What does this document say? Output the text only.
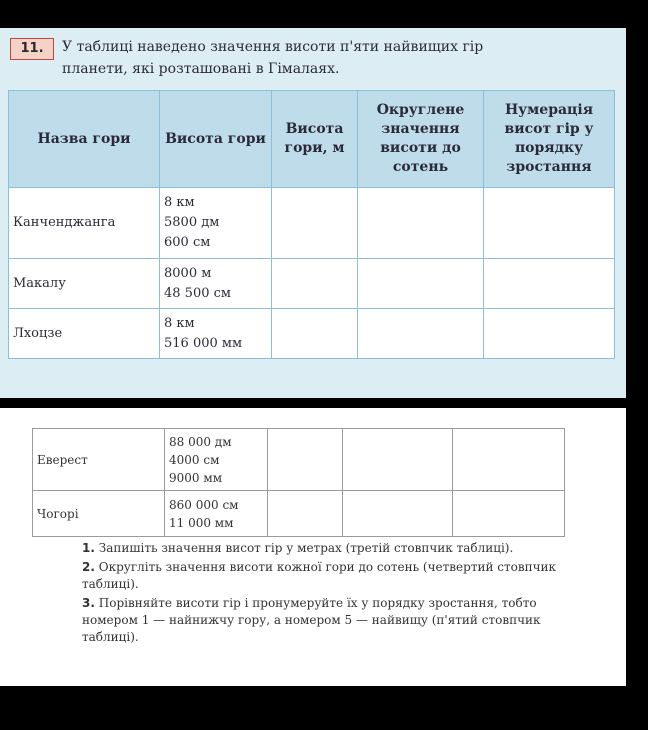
11.	У таблиці наведено значення висоти п'яти найвищих гір
планети, які розташовані в Гімалаях.
Назва гори	Висота гори	Висота гори, м	Округлене значення висоти до сотень	Нумерація висот гір у порядку зростання
Канченджанга	8 км
5800 дм
600 см			

Макалу	8000 м
48 500 см			

Лхоцзе	8 км
516 000 мм			

Еверест	88 000 дм
4000 см
9000 мм			

Чогорі	860 000 см
11 000 мм			

1. Запишіть значення висот гір у метрах (третій стовпчик таблиці).
2. Округліть значення висоти кожної гори до сотень (четвертий стовпчик таблиці).
3. Порівняйте висоти гір і пронумеруйте їх у порядку зростання, тобто номером 1 — найнижчу гору, а номером 5 — найвищу (п'ятий стовпчик таблиці).
